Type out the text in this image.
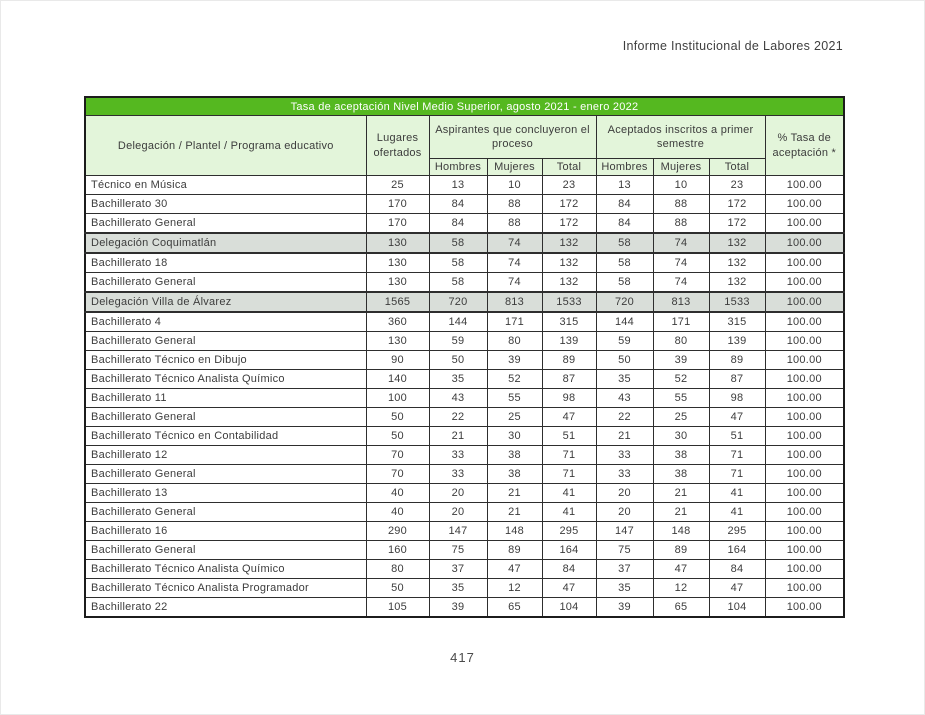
Informe Institucional de Labores 2021
Tasa de aceptación Nivel Medio Superior, agosto 2021 - enero 2022								
Delegación / Plantel / Programa educativo	Lugares ofertados	Aspirantes que concluyeron el proceso			Aceptados inscritos a primer semestre			% Tasa de aceptación *
		Hombres	Mujeres	Total	Hombres	Mujeres	Total	
Técnico en Música	25	13	10	23	13	10	23	100.00
Bachillerato 30	170	84	88	172	84	88	172	100.00
Bachillerato General	170	84	88	172	84	88	172	100.00
Delegación Coquimatlán	130	58	74	132	58	74	132	100.00
Bachillerato 18	130	58	74	132	58	74	132	100.00
Bachillerato General	130	58	74	132	58	74	132	100.00
Delegación Villa de Álvarez	1565	720	813	1533	720	813	1533	100.00
Bachillerato 4	360	144	171	315	144	171	315	100.00
Bachillerato General	130	59	80	139	59	80	139	100.00
Bachillerato Técnico en Dibujo	90	50	39	89	50	39	89	100.00
Bachillerato Técnico Analista Químico	140	35	52	87	35	52	87	100.00
Bachillerato 11	100	43	55	98	43	55	98	100.00
Bachillerato General	50	22	25	47	22	25	47	100.00
Bachillerato Técnico en Contabilidad	50	21	30	51	21	30	51	100.00
Bachillerato 12	70	33	38	71	33	38	71	100.00
Bachillerato General	70	33	38	71	33	38	71	100.00
Bachillerato 13	40	20	21	41	20	21	41	100.00
Bachillerato General	40	20	21	41	20	21	41	100.00
Bachillerato 16	290	147	148	295	147	148	295	100.00
Bachillerato General	160	75	89	164	75	89	164	100.00
Bachillerato Técnico Analista Químico	80	37	47	84	37	47	84	100.00
Bachillerato Técnico Analista Programador	50	35	12	47	35	12	47	100.00
Bachillerato 22	105	39	65	104	39	65	104	100.00
417
